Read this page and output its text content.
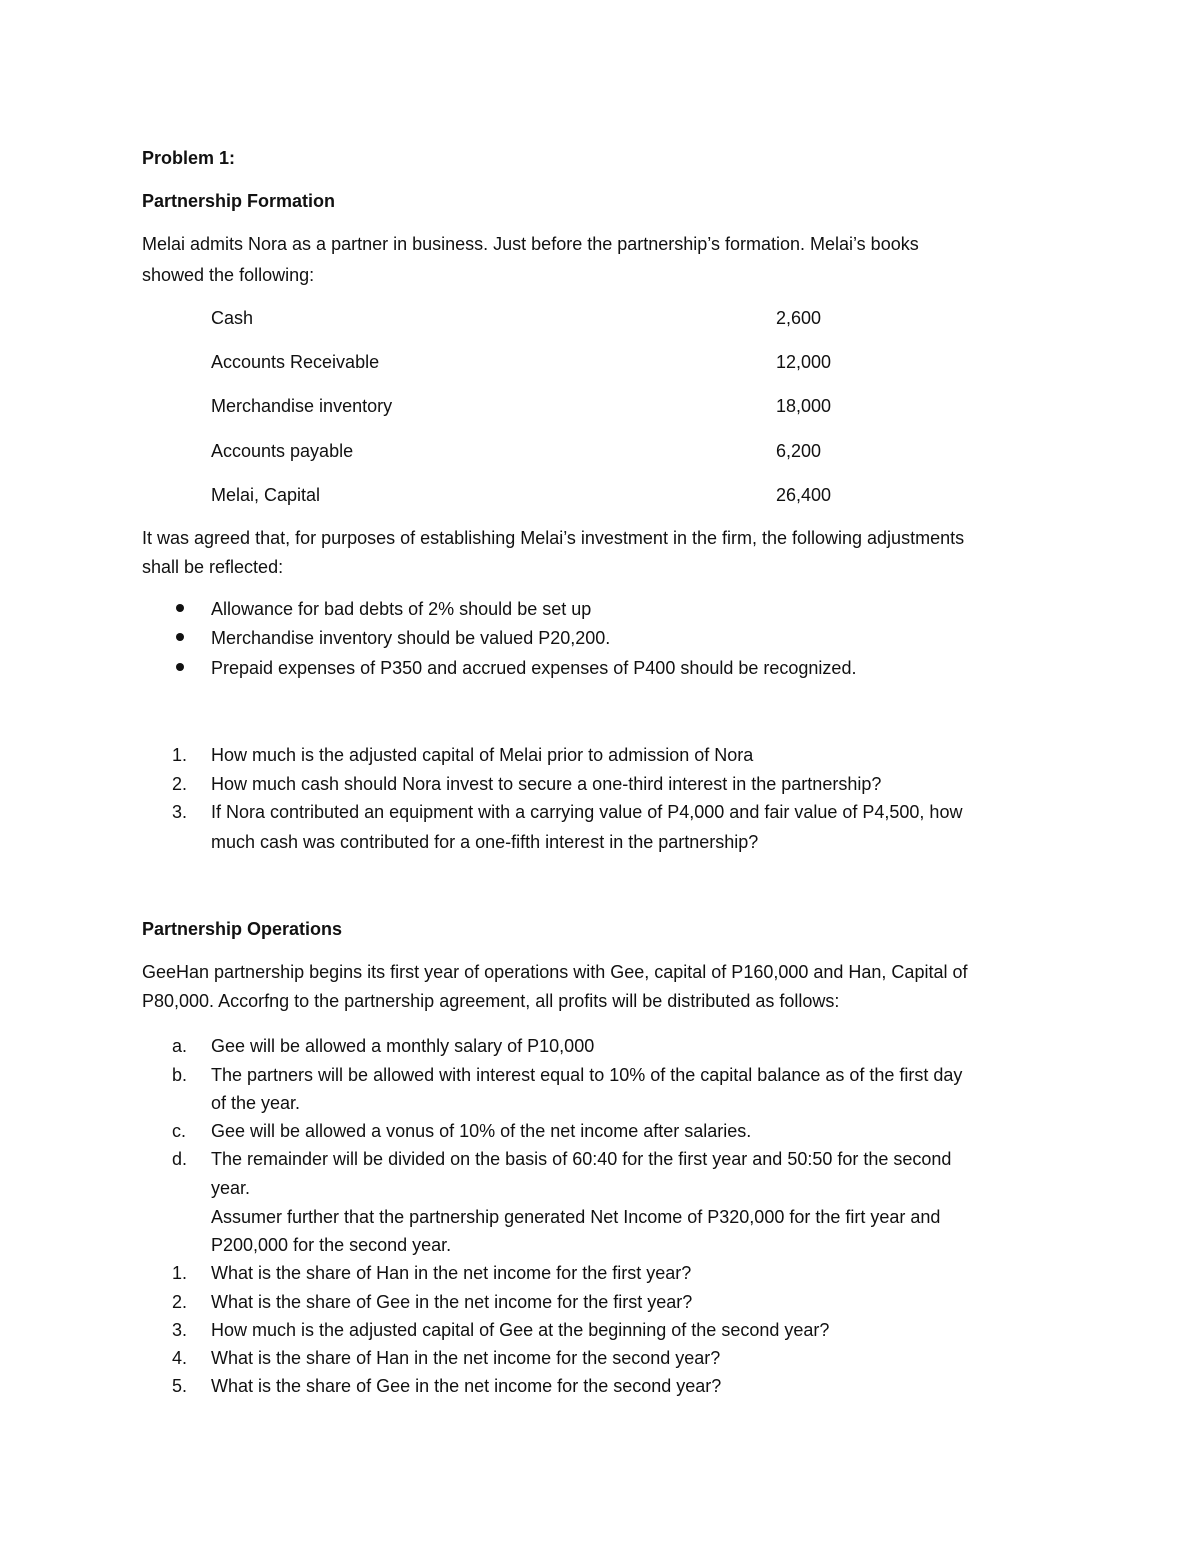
Problem 1:
Partnership Formation
Melai admits Nora as a partner in business. Just before the partnership’s formation. Melai’s books
showed the following:
Cash	2,600
Accounts Receivable	12,000
Merchandise inventory	18,000
Accounts payable	6,200
Melai, Capital	26,400
It was agreed that, for purposes of establishing Melai’s investment in the firm, the following adjustments
shall be reflected:
Allowance for bad debts of 2% should be set up
Merchandise inventory should be valued P20,200.
Prepaid expenses of P350 and accrued expenses of P400 should be recognized.
1. How much is the adjusted capital of Melai prior to admission of Nora
2. How much cash should Nora invest to secure a one-third interest in the partnership?
3. If Nora contributed an equipment with a carrying value of P4,000 and fair value of P4,500, how
much cash was contributed for a one-fifth interest in the partnership?
Partnership Operations
GeeHan partnership begins its first year of operations with Gee, capital of P160,000 and Han, Capital of
P80,000. Accorfng to the partnership agreement, all profits will be distributed as follows:
a. Gee will be allowed a monthly salary of P10,000
b. The partners will be allowed with interest equal to 10% of the capital balance as of the first day
of the year.
c. Gee will be allowed a vonus of 10% of the net income after salaries.
d. The remainder will be divided on the basis of 60:40 for the first year and 50:50 for the second
year.
Assumer further that the partnership generated Net Income of P320,000 for the firt year and
P200,000 for the second year.
1. What is the share of Han in the net income for the first year?
2. What is the share of Gee in the net income for the first year?
3. How much is the adjusted capital of Gee at the beginning of the second year?
4. What is the share of Han in the net income for the second year?
5. What is the share of Gee in the net income for the second year?
